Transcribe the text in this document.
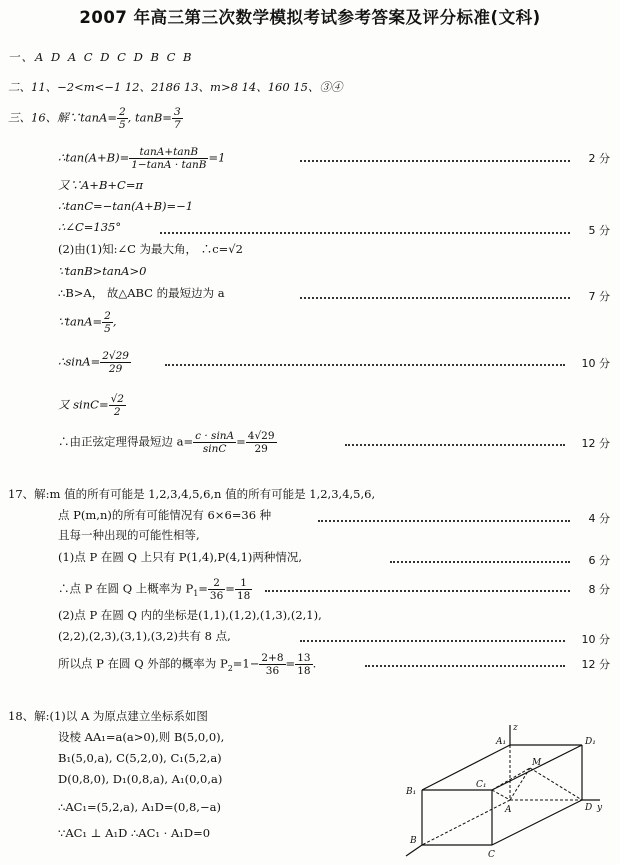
2007 年高三第三次数学模拟考试参考答案及评分标准(文科)
一、A D A C D C D B C B
二、11、−2<m<−1 12、2186 13、m>8 14、160 15、③④
三、16、解∵tanA= $\frac{2}{5}$ , $\tan B= \frac{3}{7}$
∴tan(A+B)= $\frac{\tan A+\tan B}{1-\tan A \cdot \tan B} =1$	2 分
又∵A+B+C=π
∴tanC=−tan(A+B)=−1
∴∠C=135°	5 分
(2)由(1)知:∠C 为最大角， ∴c=√2
∵tanB>tanA>0
∴B>A， 故△ABC 的最短边为 a	7 分
∵tanA= $\frac{2}{5}$ ,
∴sinA= $\frac{2√29}{29}$	10 分
又 $\sin C= \frac{√2}{2}$
∴由正弦定理得最短边 $a= \frac{c \cdot \sin A}{\sin C} = \frac{4√29}{29}$	12 分
17、解:m 值的所有可能是 1,2,3,4,5,6,n 值的所有可能是 1,2,3,4,5,6,
点 P(m,n)的所有可能情况有 6×6=36 种	4 分
且每一种出现的可能性相等,
(1)点 P 在圆 Q 上只有 P(1,4),P(4,1)两种情况,	6 分
∴点 P 在圆 Q 上概率为 $P_1= \frac{2}{36} = \frac{1}{18}$	8 分
(2)点 P 在圆 Q 内的坐标是(1,1),(1,2),(1,3),(2,1),
(2,2),(2,3),(3,1),(3,2)共有 8 点,	10 分
所以点 P 在圆 Q 外部的概率为 $P_2=1- \frac{2+8}{36} = \frac{13}{18}$ .	12 分
18、解:(1)以 A 为原点建立坐标系如图
设棱 AA₁=a(a>0),则 B(5,0,0),
B₁(5,0,a), C(5,2,0), C₁(5,2,a)
D(0,8,0), D₁(0,8,a), A₁(0,0,a)
∴AC₁=(5,2,a), A₁D=(0,8,−a)
∵AC₁ ⊥ A₁D ∴AC₁ · A₁D=0
A₁
z
D₁
M
C₁
B₁
A	D y
B
C
